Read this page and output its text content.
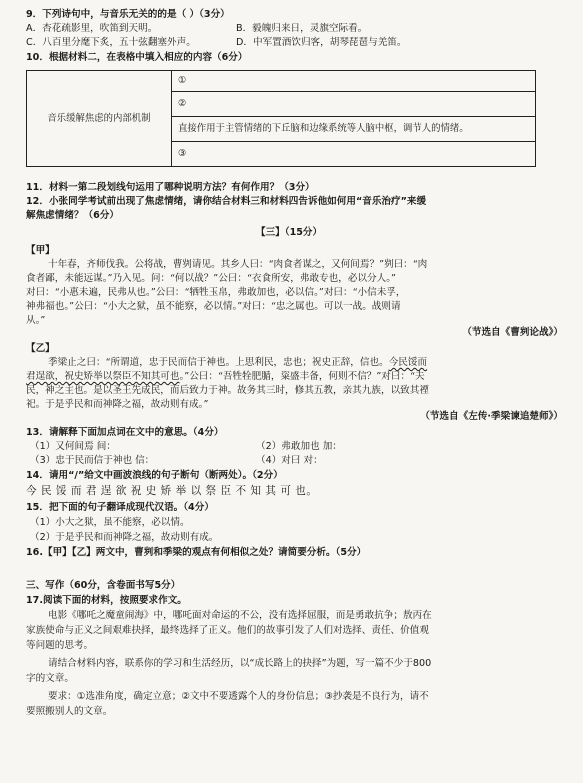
9．下列诗句中，与音乐无关的的是（ ）（3分）
A．杏花疏影里，吹笛到天明。	B．毅魄归来日，灵旗空际看。
C．八百里分麾下炙，五十弦翻塞外声。	D．中军置酒饮归客，胡琴琵琶与羌笛。
10．根据材料二，在表格中填入相应的内容（6分）
音乐缓解焦虑的内部机制	①
②
直接作用于主管情绪的下丘脑和边缘系统等人脑中枢，调节人的情绪。
③
11．材料一第二段划线句运用了哪种说明方法？有何作用？（3分）
12．小张同学考试前出现了焦虑情绪，请你结合材料三和材料四告诉他如何用“音乐治疗”来缓
解焦虑情绪？（6分）
【三】（15分）
【甲】
十年春，齐师伐我。公将战，曹刿请见。其乡人曰：“肉食者谋之，又何间焉？”刿曰：“肉
食者鄙，未能远谋。”乃入见。问：“何以战？”公曰：“衣食所安，弗敢专也，必以分人。”
对曰：“小惠未遍，民弗从也。”公曰：“牺牲玉帛，弗敢加也，必以信。”对曰：“小信未孚，
神弗福也。”公曰：“小大之狱，虽不能察，必以情。”对曰：“忠之属也。可以一战。战则请
从。”
（节选自《曹刿论战》）
【乙】
季梁止之曰：“所谓道，忠于民而信于神也。上思利民，忠也；祝史正辞，信也。今民馁而
君逞欲，祝史矫举以祭臣不知其可也。”公曰：“吾牲牷肥腯，粢盛丰备，何则不信？”对曰：“夫
民，神之主也。是以圣王先成民，而后致力于神。故务其三时，修其五教，亲其九族，以致其禋
祀。于是乎民和而神降之福，故动则有成。”
（节选自《左传·季梁谏追楚师》）
13．请解释下面加点词在文中的意思。（4分）
（1）又何间焉 间：	（2）弗敢加也 加：
（3）忠于民而信于神也 信：	（4）对曰 对：
14．请用“/”给文中画波浪线的句子断句（断两处）。（2分）
今 民 馁 而 君 逞 欲 祝 史 矫 举 以 祭 臣 不 知 其 可 也。
15．把下面的句子翻译成现代汉语。（4分）
（1）小大之狱，虽不能察，必以情。
（2）于是乎民和而神降之福，故动则有成。
16.【甲】【乙】两文中，曹刿和季梁的观点有何相似之处？请简要分析。（5分）
三、写作（60分，含卷面书写5分）
17.阅读下面的材料，按照要求作文。
电影《哪吒之魔童闹海》中，哪吒面对命运的不公，没有选择屈服，而是勇敢抗争；敖丙在
家族使命与正义之间艰难抉择，最终选择了正义。他们的故事引发了人们对选择、责任、价值观
等问题的思考。
请结合材料内容，联系你的学习和生活经历，以“成长路上的抉择”为题，写一篇不少于800
字的文章。
要求：①选准角度，确定立意；②文中不要透露个人的身份信息；③抄袭是不良行为，请不
要照搬别人的文章。
